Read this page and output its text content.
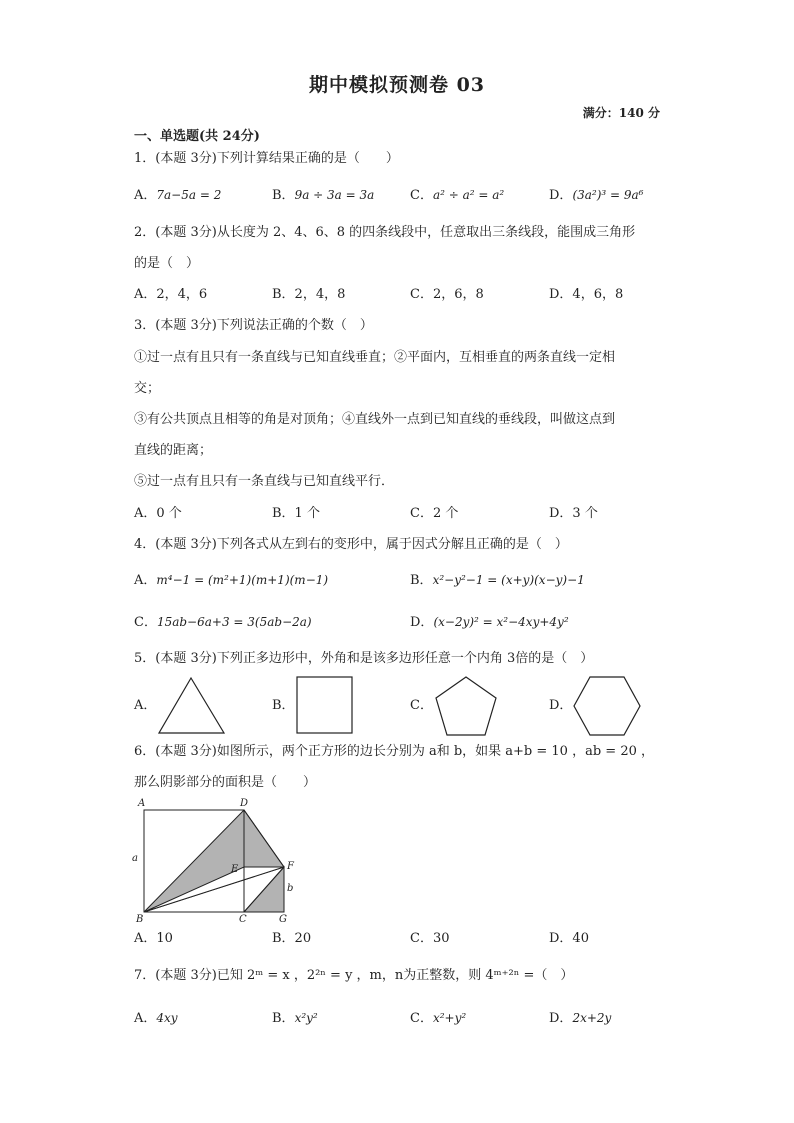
期中模拟预测卷 03
满分：140 分
一、单选题(共 24分)
1．(本题 3分)下列计算结果正确的是（　　）
A．7a−5a = 2	B．9a ÷ 3a = 3a	C．a² ÷ a² = a²	D．(3a²)³ = 9a⁶
2．(本题 3分)从长度为 2、4、6、8 的四条线段中，任意取出三条线段，能围成三角形
的是（　）
A．2，4，6	B．2，4，8	C．2，6，8	D．4，6，8
3．(本题 3分)下列说法正确的个数（　）
①过一点有且只有一条直线与已知直线垂直；②平面内，互相垂直的两条直线一定相
交；
③有公共顶点且相等的角是对顶角；④直线外一点到已知直线的垂线段，叫做这点到
直线的距离；
⑤过一点有且只有一条直线与已知直线平行．
A．0 个	B．1 个	C．2 个	D．3 个
4．(本题 3分)下列各式从左到右的变形中，属于因式分解且正确的是（　）
A．m⁴−1 = (m²+1)(m+1)(m−1)	B．x²−y²−1 = (x+y)(x−y)−1
C．15ab−6a+3 = 3(5ab−2a)	D．(x−2y)² = x²−4xy+4y²
5．(本题 3分)下列正多边形中，外角和是该多边形任意一个内角 3倍的是（　）
A．	B．	C．	D．
6．(本题 3分)如图所示，两个正方形的边长分别为 a和 b，如果 a+b = 10 ，ab = 20 ，
那么阴影部分的面积是（　　）
A	D
E	F
a
b
B	C	G
A．10	B．20	C．30	D．40
7．(本题 3分)已知 2ᵐ = x ，2²ⁿ = y ，m，n为正整数，则 4ᵐ⁺²ⁿ =（　）
A．4xy	B．x²y²	C．x²+y²	D．2x+2y
